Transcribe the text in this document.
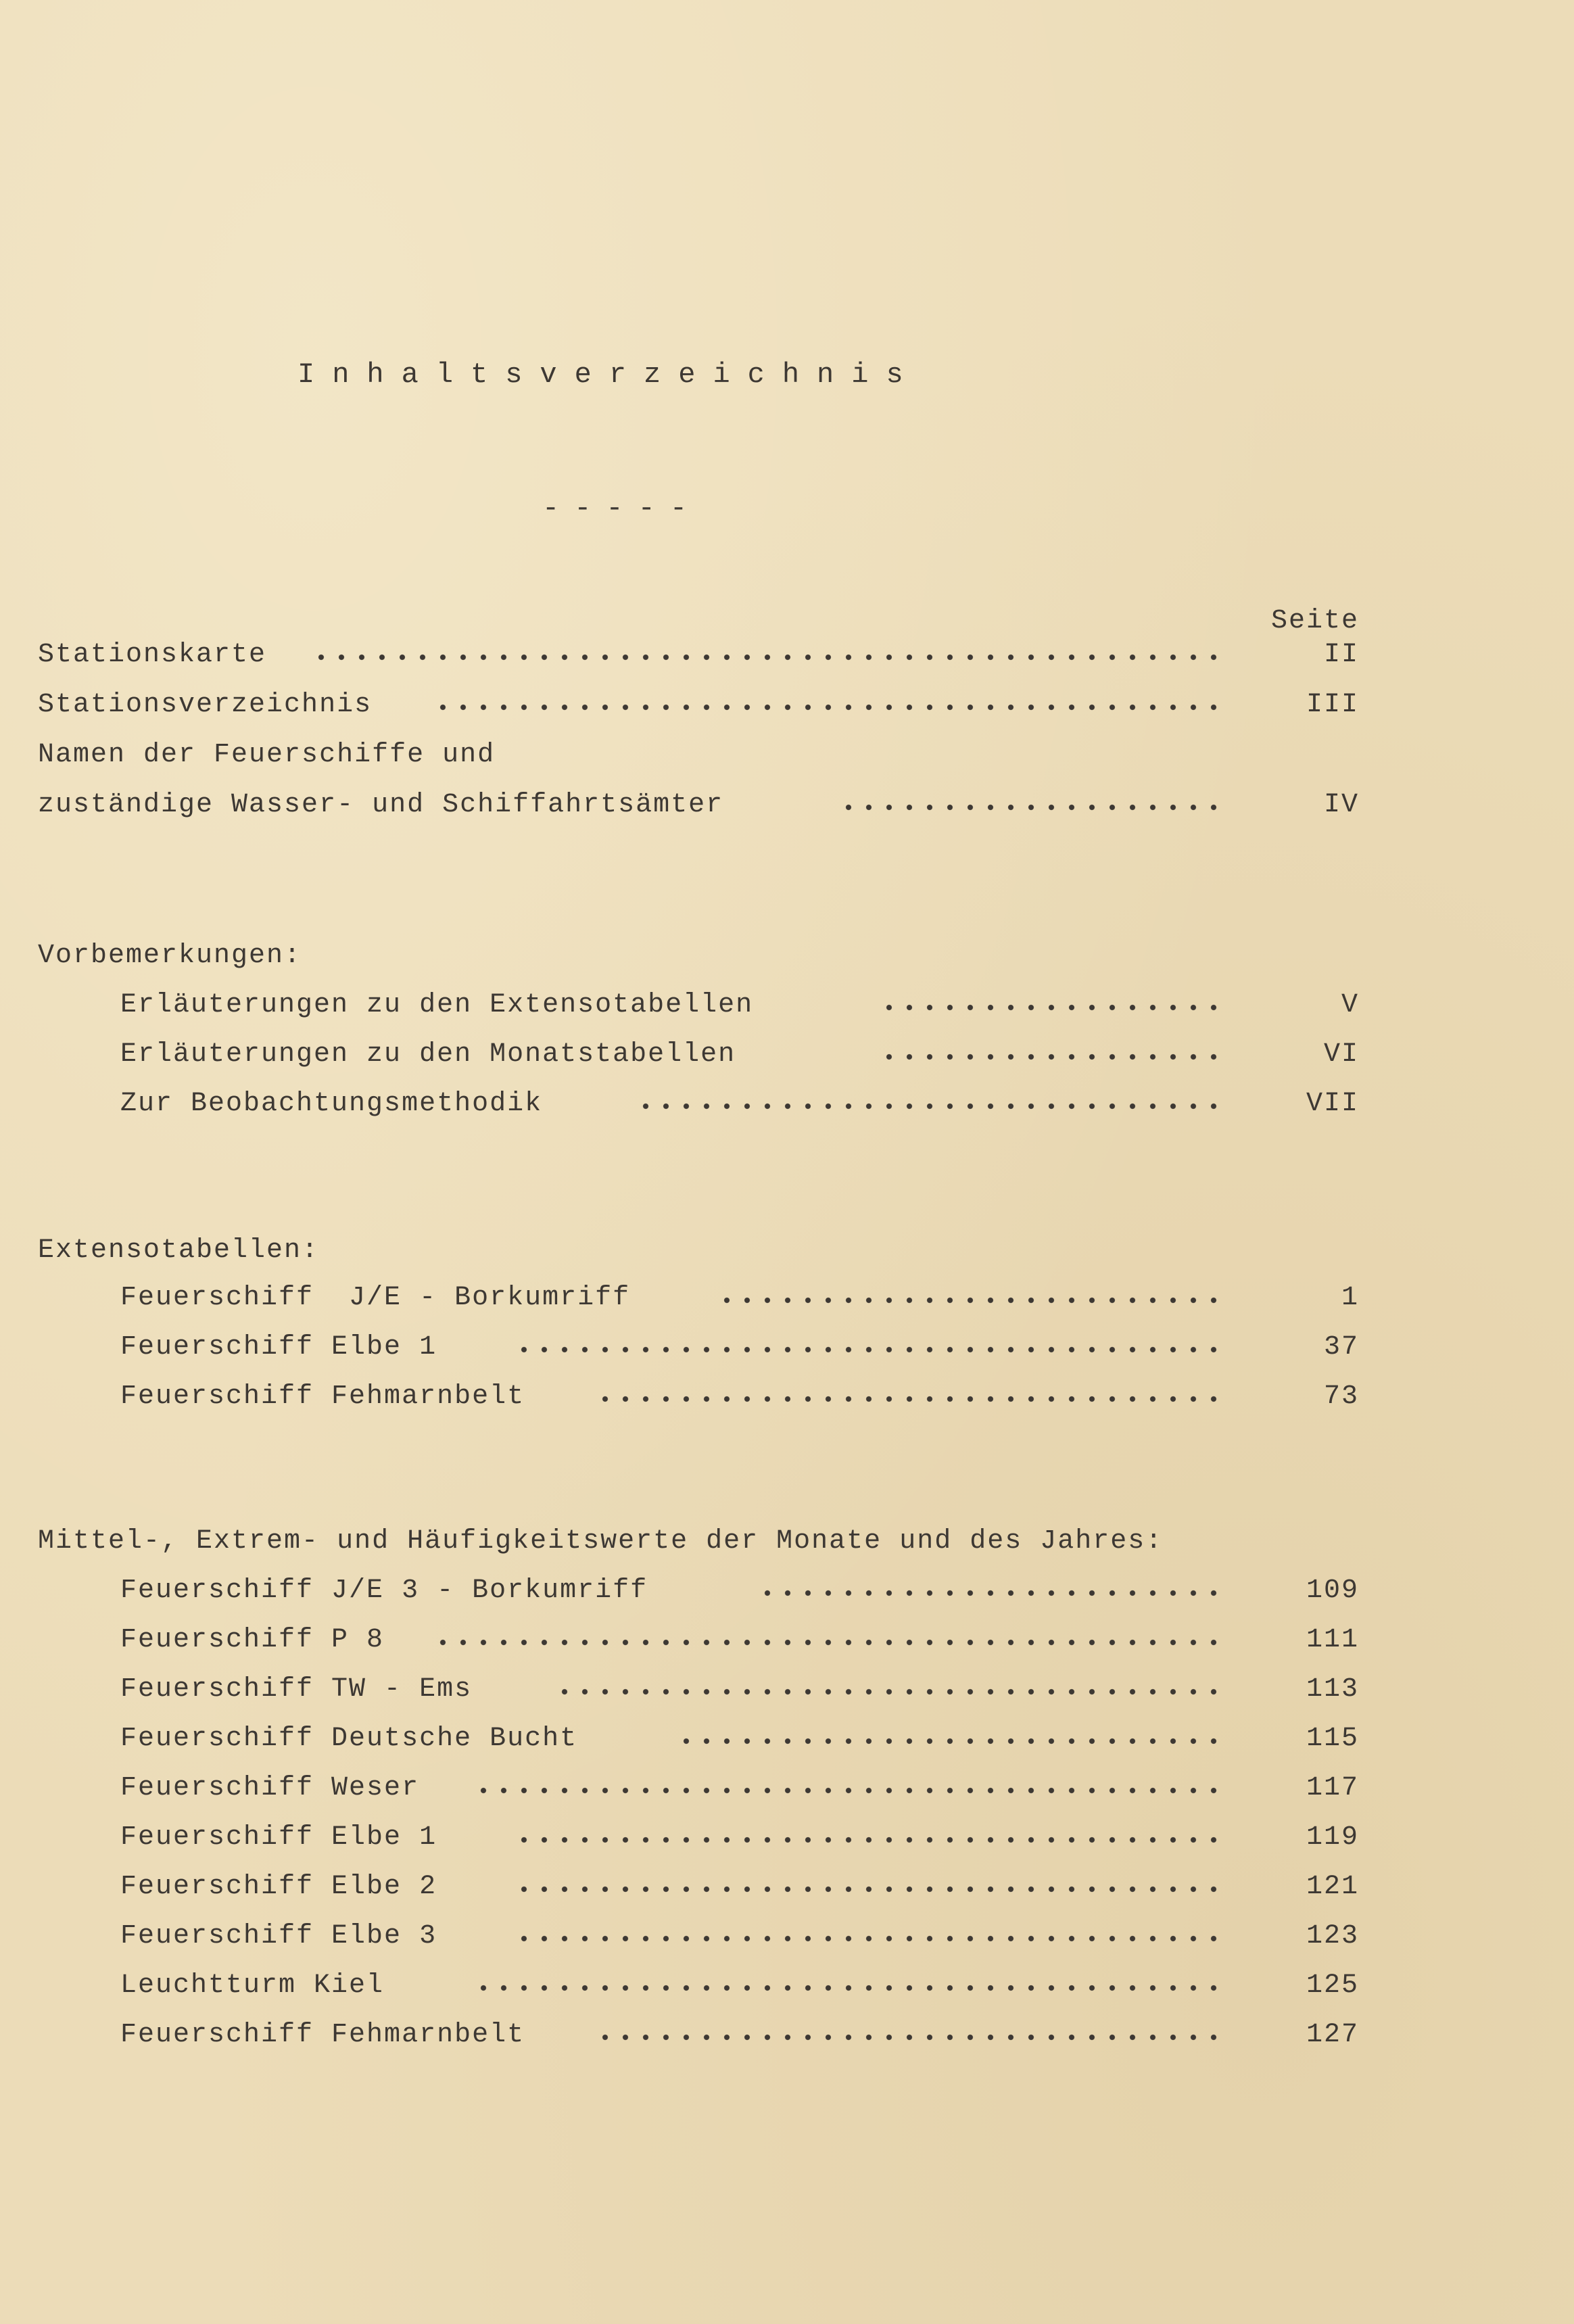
Inhaltsverzeichnis
-----
Seite
Stationskarte	II
Stationsverzeichnis	III
Namen der Feuerschiffe und
zuständige Wasser- und Schiffahrtsämter	IV
Vorbemerkungen:
Erläuterungen zu den Extensotabellen	V
Erläuterungen zu den Monatstabellen	VI
Zur Beobachtungsmethodik	VII
Extensotabellen:
Feuerschiff  J/E - Borkumriff	1
Feuerschiff Elbe 1	37
Feuerschiff Fehmarnbelt	73
Mittel-, Extrem- und Häufigkeitswerte der Monate und des Jahres:
Feuerschiff J/E 3 - Borkumriff	109
Feuerschiff P 8	111
Feuerschiff TW - Ems	113
Feuerschiff Deutsche Bucht	115
Feuerschiff Weser	117
Feuerschiff Elbe 1	119
Feuerschiff Elbe 2	121
Feuerschiff Elbe 3	123
Leuchtturm Kiel	125
Feuerschiff Fehmarnbelt	127
